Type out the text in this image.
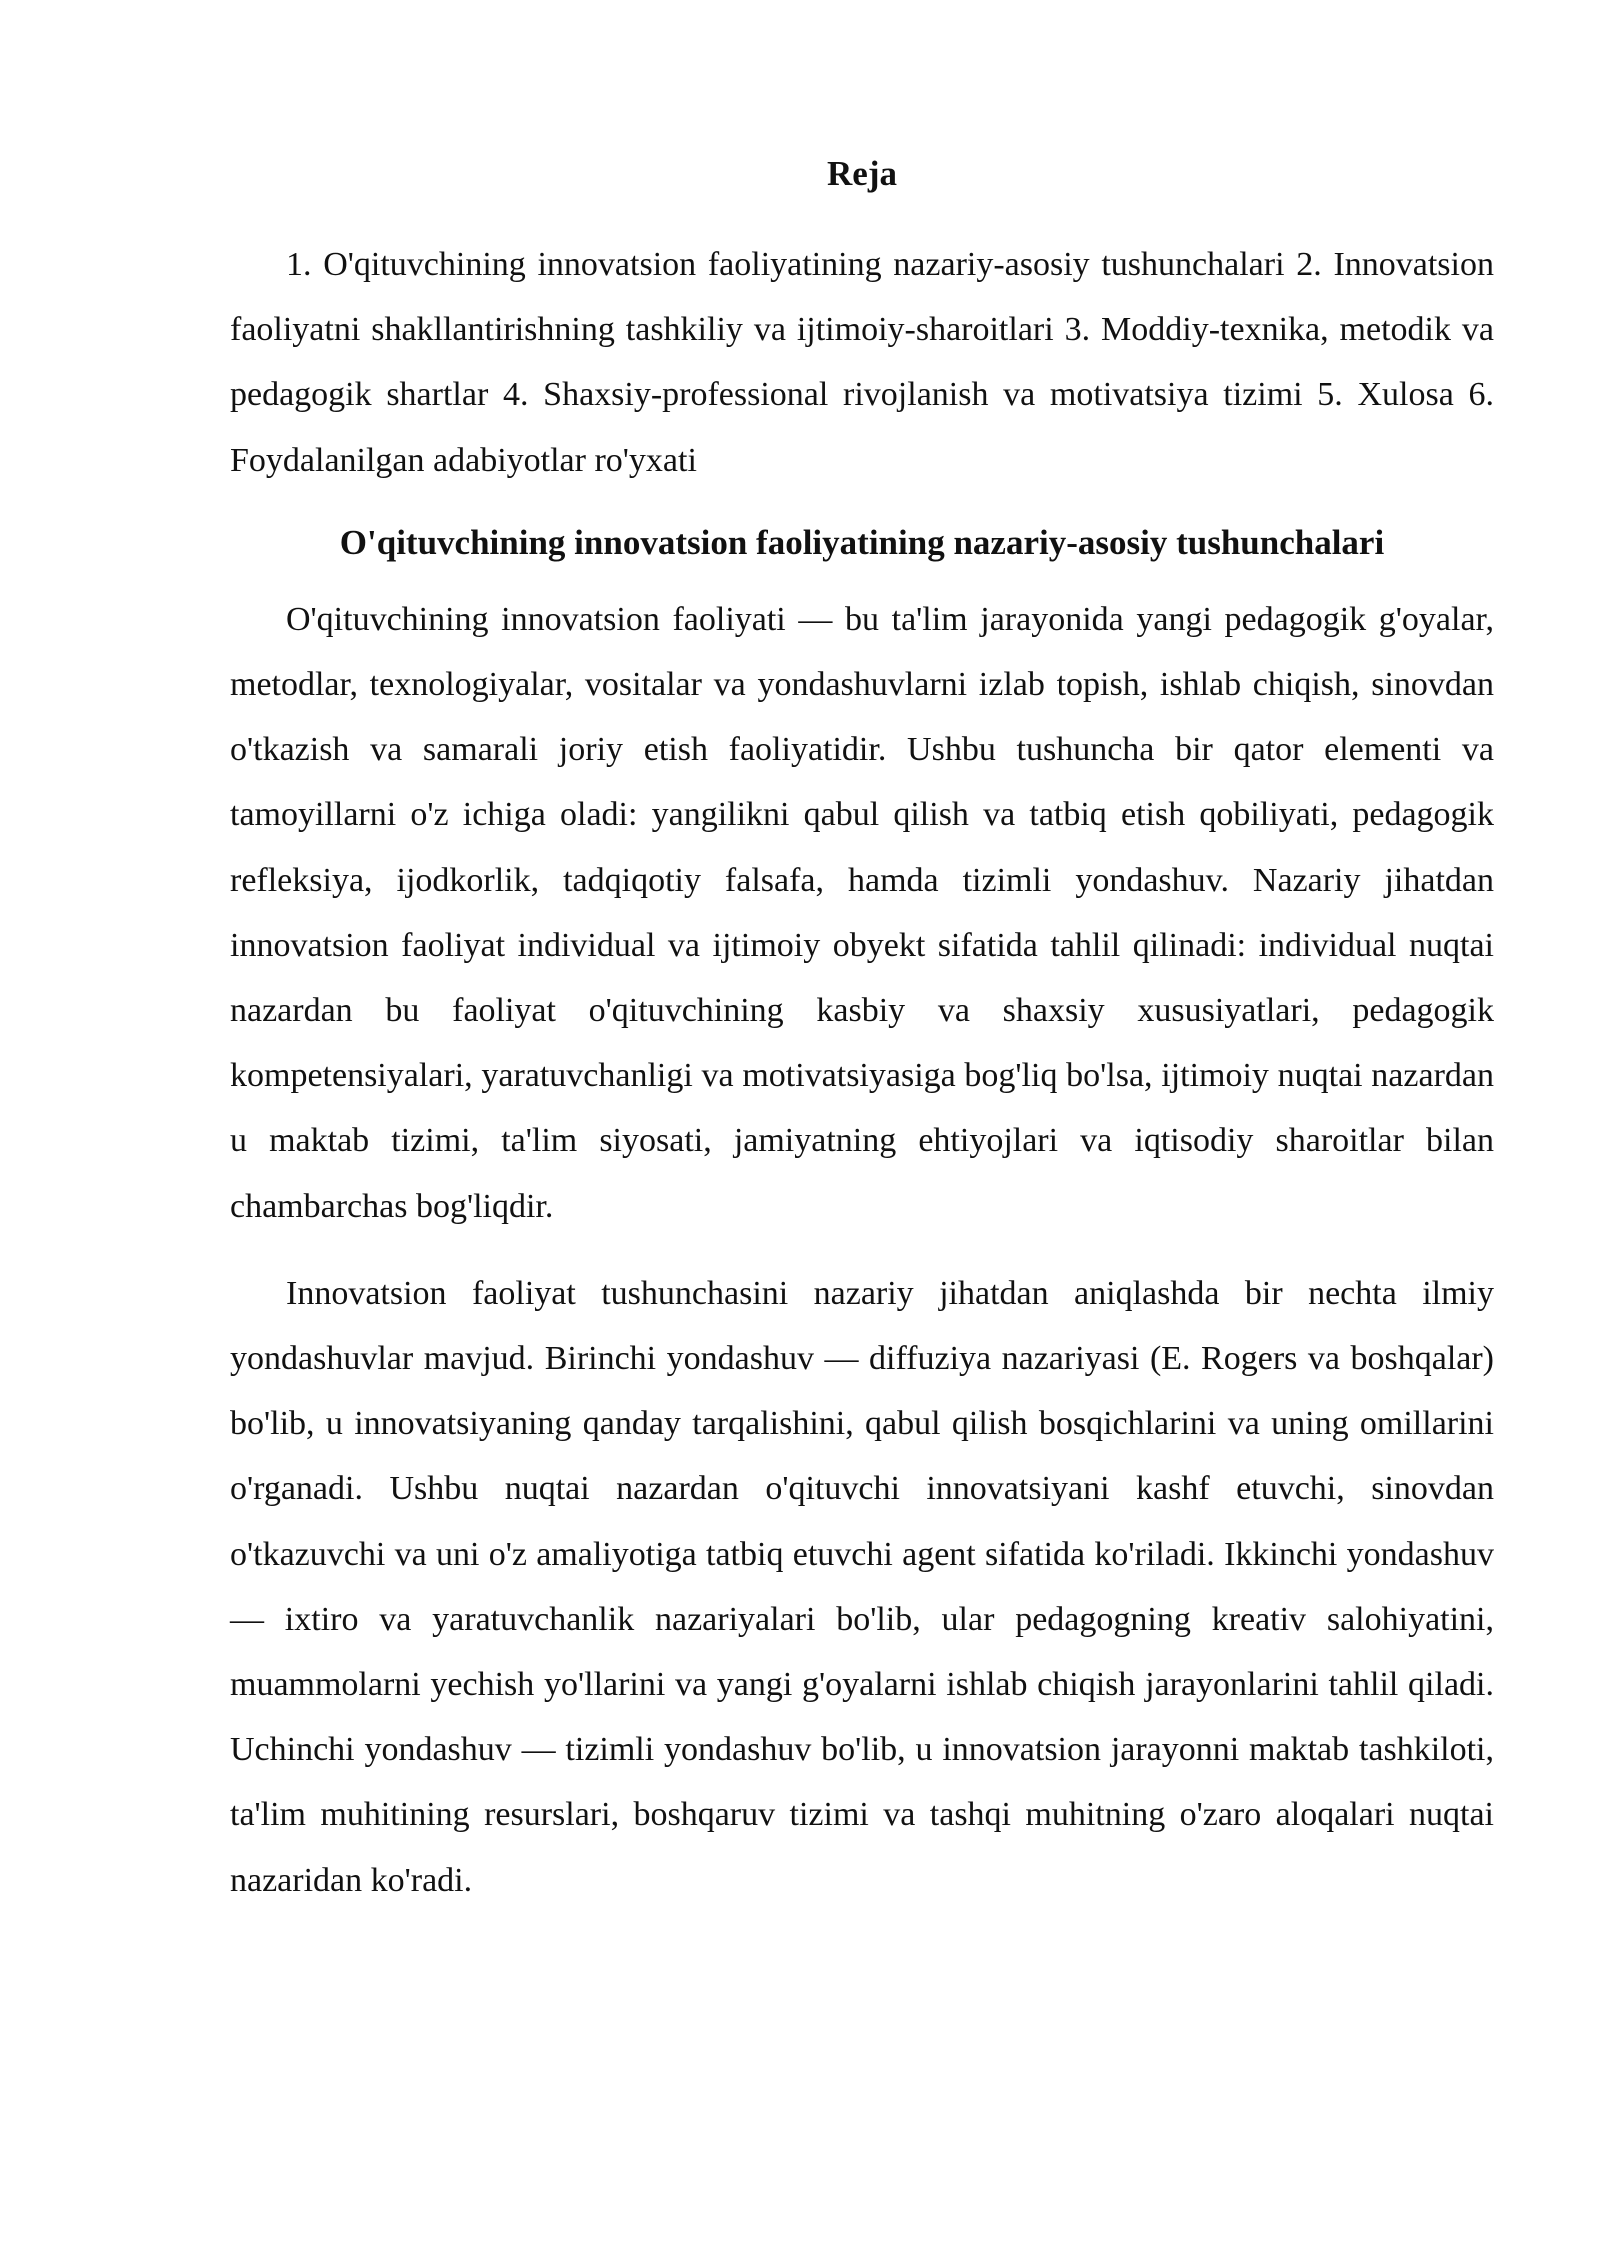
Reja

1. O'qituvchining innovatsion faoliyatining nazariy-asosiy tushunchalari 2. Innovatsion faoliyatni shakllantirishning tashkiliy va ijtimoiy-sharoitlari 3. Moddiy-texnika, metodik va pedagogik shartlar 4. Shaxsiy-professional rivojlanish va motivatsiya tizimi 5. Xulosa 6. Foydalanilgan adabiyotlar ro'yxati

O'qituvchining innovatsion faoliyatining nazariy-asosiy tushunchalari

O'qituvchining innovatsion faoliyati — bu ta'lim jarayonida yangi pedagogik g'oyalar, metodlar, texnologiyalar, vositalar va yondashuvlarni izlab topish, ishlab chiqish, sinovdan o'tkazish va samarali joriy etish faoliyatidir. Ushbu tushuncha bir qator elementi va tamoyillarni o'z ichiga oladi: yangilikni qabul qilish va tatbiq etish qobiliyati, pedagogik refleksiya, ijodkorlik, tadqiqotiy falsafa, hamda tizimli yondashuv. Nazariy jihatdan innovatsion faoliyat individual va ijtimoiy obyekt sifatida tahlil qilinadi: individual nuqtai nazardan bu faoliyat o'qituvchining kasbiy va shaxsiy xususiyatlari, pedagogik kompetensiyalari, yaratuvchanligi va motivatsiyasiga bog'liq bo'lsa, ijtimoiy nuqtai nazardan u maktab tizimi, ta'lim siyosati, jamiyatning ehtiyojlari va iqtisodiy sharoitlar bilan chambarchas bog'liqdir.

Innovatsion faoliyat tushunchasini nazariy jihatdan aniqlashda bir nechta ilmiy yondashuvlar mavjud. Birinchi yondashuv — diffuziya nazariyasi (E. Rogers va boshqalar) bo'lib, u innovatsiyaning qanday tarqalishini, qabul qilish bosqichlarini va uning omillarini o'rganadi. Ushbu nuqtai nazardan o'qituvchi innovatsiyani kashf etuvchi, sinovdan o'tkazuvchi va uni o'z amaliyotiga tatbiq etuvchi agent sifatida ko'riladi. Ikkinchi yondashuv — ixtiro va yaratuvchanlik nazariyalari bo'lib, ular pedagogning kreativ salohiyatini, muammolarni yechish yo'llarini va yangi g'oyalarni ishlab chiqish jarayonlarini tahlil qiladi. Uchinchi yondashuv — tizimli yondashuv bo'lib, u innovatsion jarayonni maktab tashkiloti, ta'lim muhitining resurslari, boshqaruv tizimi va tashqi muhitning o'zaro aloqalari nuqtai nazaridan ko'radi.
